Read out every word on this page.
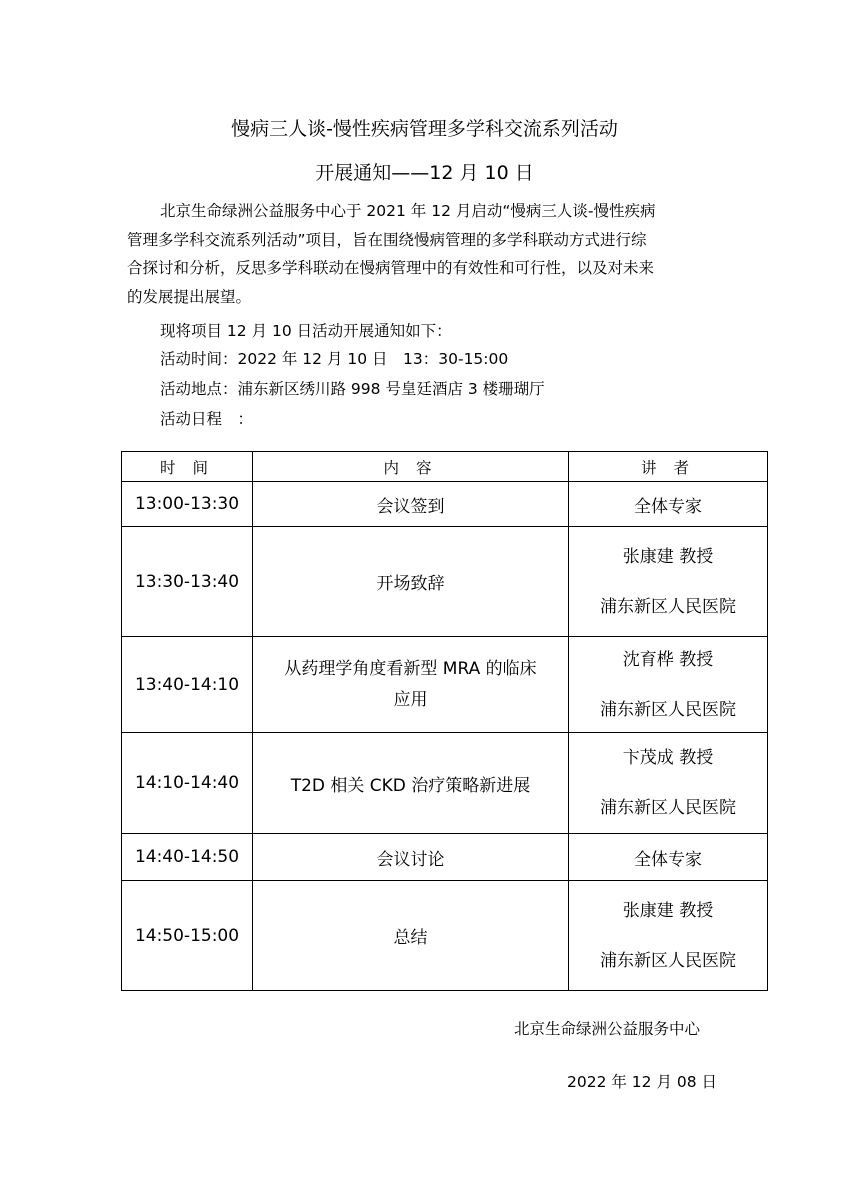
慢病三人谈-慢性疾病管理多学科交流系列活动
开展通知——12 月 10 日
北京生命绿洲公益服务中心于 2021 年 12 月启动“慢病三人谈-慢性疾病
管理多学科交流系列活动”项目，旨在围绕慢病管理的多学科联动方式进行综
合探讨和分析，反思多学科联动在慢病管理中的有效性和可行性，以及对未来
的发展提出展望。
现将项目 12 月 10 日活动开展通知如下：
活动时间：2022 年 12 月 10 日　13：30-15:00
活动地点：浦东新区绣川路 998 号皇廷酒店 3 楼珊瑚厅
活动日程　：
时 间	内 容	讲 者
13:00-13:30	会议签到	全体专家
13:30-13:40	开场致辞	张康建 教授
浦东新区人民医院

13:40-14:10	从药理学角度看新型 MRA 的临床
应用	沈育桦 教授
浦东新区人民医院

14:10-14:40	T2D 相关 CKD 治疗策略新进展	卞茂成 教授
浦东新区人民医院

14:40-14:50	会议讨论	全体专家
14:50-15:00	总结	张康建 教授
浦东新区人民医院
北京生命绿洲公益服务中心
2022 年 12 月 08 日
